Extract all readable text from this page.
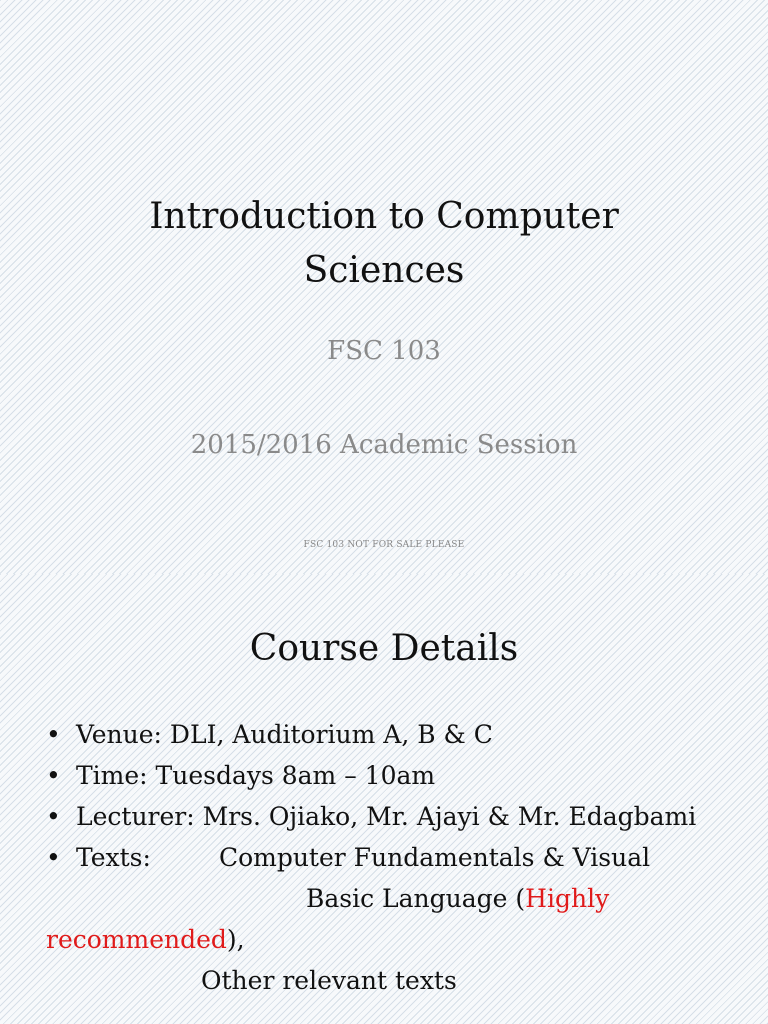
Introduction to Computer
Sciences

FSC 103

2015/2016 Academic Session

FSC 103 NOT FOR SALE PLEASE
Course Details
• Venue: DLI, Auditorium A, B & C
• Time: Tuesdays 8am – 10am
• Lecturer: Mrs. Ojiako, Mr. Ajayi & Mr. Edagbami
• Texts:	Computer Fundamentals & Visual
Basic Language (Highly
recommended),
Other relevant texts
